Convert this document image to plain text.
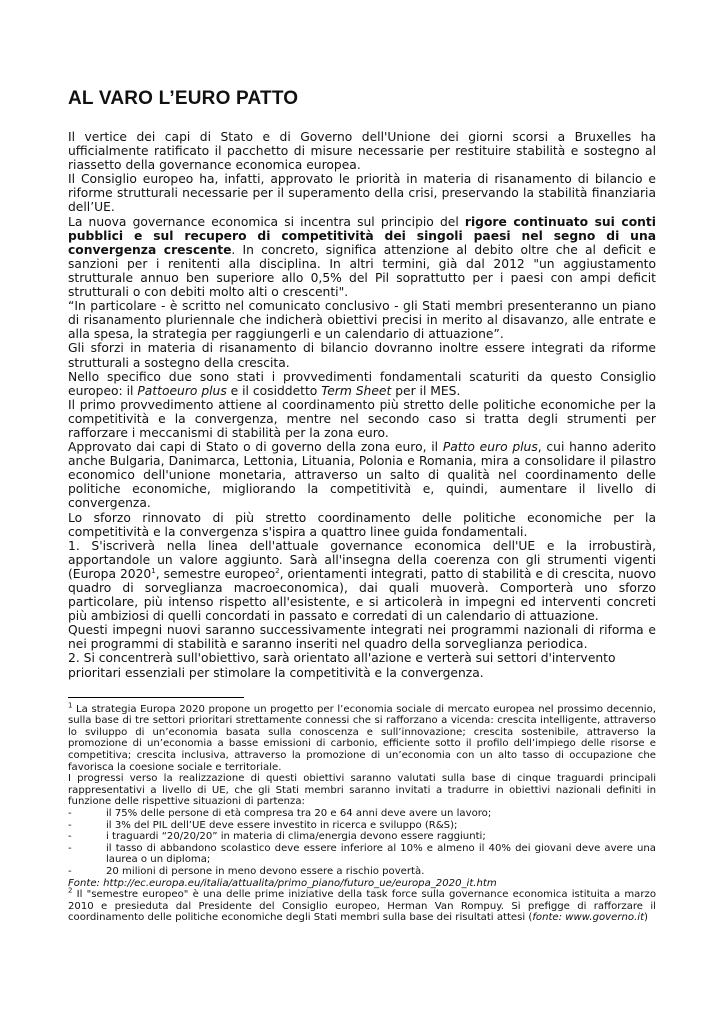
AL VARO L’EURO PATTO

Il vertice dei capi di Stato e di Governo dell'Unione dei giorni scorsi a Bruxelles ha ufficialmente ratificato il pacchetto di misure necessarie per restituire stabilità e sostegno al riassetto della governance economica europea.

Il Consiglio europeo ha, infatti, approvato le priorità in materia di risanamento di bilancio e riforme strutturali necessarie per il superamento della crisi, preservando la stabilità finanziaria dell’UE.

La nuova governance economica si incentra sul principio del rigore continuato sui conti pubblici e sul recupero di competitività dei singoli paesi nel segno di una convergenza crescente. In concreto, significa attenzione al debito oltre che al deficit e sanzioni per i renitenti alla disciplina. In altri termini, già dal 2012 "un aggiustamento strutturale annuo ben superiore allo 0,5% del Pil soprattutto per i paesi con ampi deficit strutturali o con debiti molto alti o crescenti".

“In particolare - è scritto nel comunicato conclusivo - gli Stati membri presenteranno un piano di risanamento pluriennale che indicherà obiettivi precisi in merito al disavanzo, alle entrate e alla spesa, la strategia per raggiungerli e un calendario di attuazione”.

Gli sforzi in materia di risanamento di bilancio dovranno inoltre essere integrati da riforme strutturali a sostegno della crescita.

Nello specifico due sono stati i provvedimenti fondamentali scaturiti da questo Consiglio europeo: il Pattoeuro plus e il cosiddetto Term Sheet per il MES.

Il primo provvedimento attiene al coordinamento più stretto delle politiche economiche per la competitività e la convergenza, mentre nel secondo caso si tratta degli strumenti per rafforzare i meccanismi di stabilità per la zona euro.

Approvato dai capi di Stato o di governo della zona euro, il Patto euro plus, cui hanno aderito anche Bulgaria, Danimarca, Lettonia, Lituania, Polonia e Romania, mira a consolidare il pilastro economico dell'unione monetaria, attraverso un salto di qualità nel coordinamento delle politiche economiche, migliorando la competitività e, quindi, aumentare il livello di convergenza.

Lo sforzo rinnovato di più stretto coordinamento delle politiche economiche per la competitività e la convergenza s'ispira a quattro linee guida fondamentali.

1. S'iscriverà nella linea dell'attuale governance economica dell'UE e la irrobustirà, apportandole un valore aggiunto. Sarà all'insegna della coerenza con gli strumenti vigenti (Europa 2020$^1$, semestre europeo$^2$, orientamenti integrati, patto di stabilità e di crescita, nuovo quadro di sorveglianza macroeconomica), dai quali muoverà. Comporterà uno sforzo particolare, più intenso rispetto all'esistente, e si articolerà in impegni ed interventi concreti più ambiziosi di quelli concordati in passato e corredati di un calendario di attuazione.

Questi impegni nuovi saranno successivamente integrati nei programmi nazionali di riforma e nei programmi di stabilità e saranno inseriti nel quadro della sorveglianza periodica.

2. Si concentrerà sull'obiettivo, sarà orientato all'azione e verterà sui settori d'intervento prioritari essenziali per stimolare la competitività e la convergenza.

$^1$ La strategia Europa 2020 propone un progetto per l’economia sociale di mercato europea nel prossimo decennio, sulla base di tre settori prioritari strettamente connessi che si rafforzano a vicenda: crescita intelligente, attraverso lo sviluppo di un’economia basata sulla conoscenza e sull’innovazione; crescita sostenibile, attraverso la promozione di un’economia a basse emissioni di carbonio, efficiente sotto il profilo dell’impiego delle risorse e competitiva; crescita inclusiva, attraverso la promozione di un’economia con un alto tasso di occupazione che favorisca la coesione sociale e territoriale.

I progressi verso la realizzazione di questi obiettivi saranno valutati sulla base di cinque traguardi principali rappresentativi a livello di UE, che gli Stati membri saranno invitati a tradurre in obiettivi nazionali definiti in funzione delle rispettive situazioni di partenza:

-	il 75% delle persone di età compresa tra 20 e 64 anni deve avere un lavoro;
-	il 3% del PIL dell’UE deve essere investito in ricerca e sviluppo (R&S);
-	i traguardi “20/20/20” in materia di clima/energia devono essere raggiunti;
-	il tasso di abbandono scolastico deve essere inferiore al 10% e almeno il 40% dei giovani deve avere una laurea o un diploma;
-	20 milioni di persone in meno devono essere a rischio povertà.

Fonte: http://ec.europa.eu/italia/attualita/primo_piano/futuro_ue/europa_2020_it.htm

$^2$ Il "semestre europeo" è una delle prime iniziative della task force sulla governance economica istituita a marzo 2010 e presieduta dal Presidente del Consiglio europeo, Herman Van Rompuy. Si prefigge di rafforzare il coordinamento delle politiche economiche degli Stati membri sulla base dei risultati attesi (fonte: www.governo.it)
